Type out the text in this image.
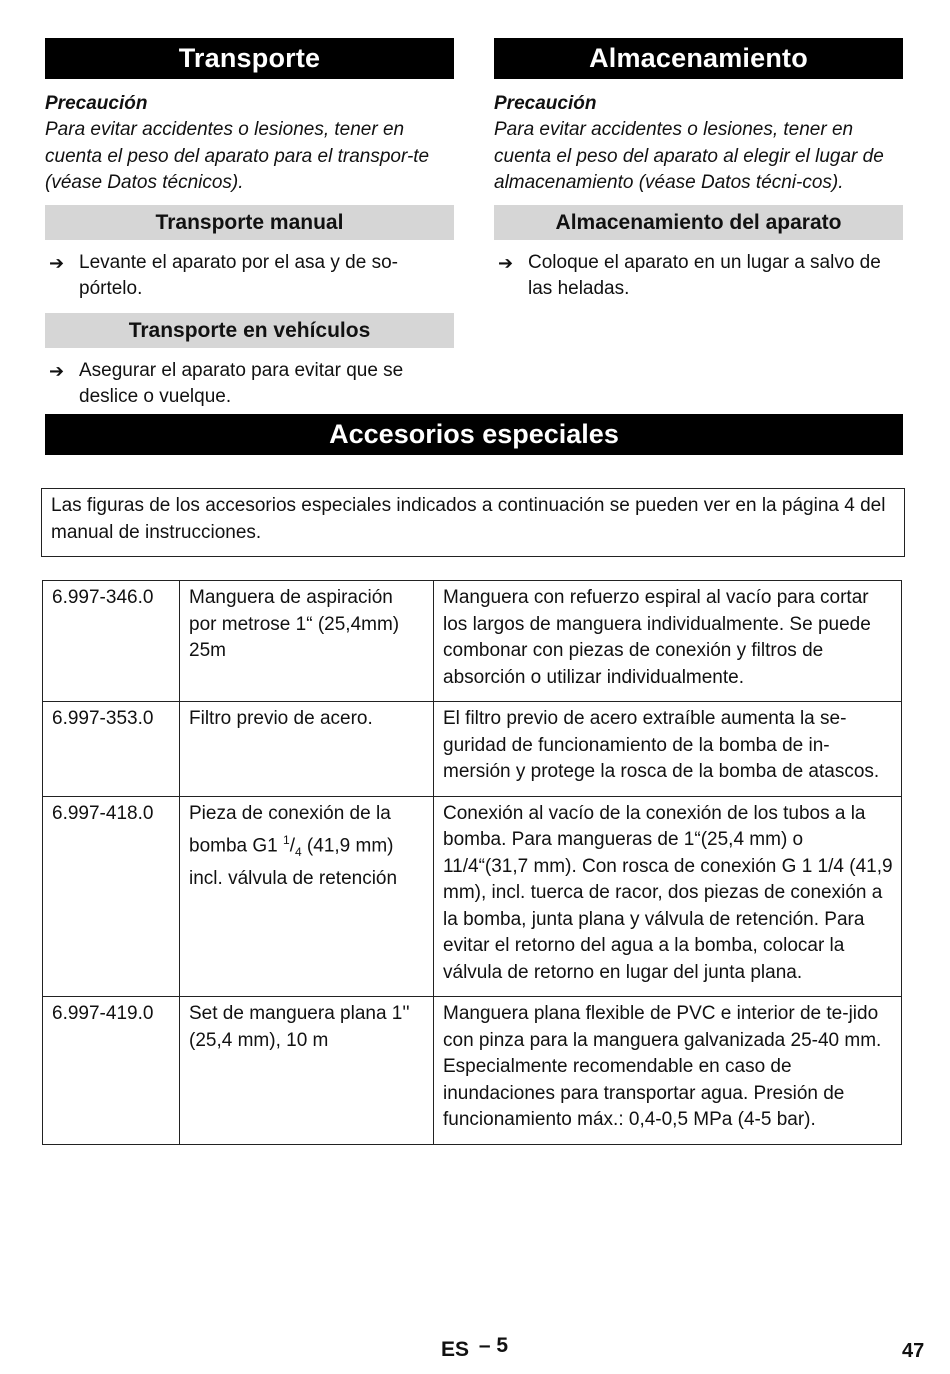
Transporte
Precaución
Para evitar accidentes o lesiones, tener en cuenta el peso del aparato para el transpor-te (véase Datos técnicos).
Transporte manual
➔ Levante el aparato por el asa y de so-pórtelo.
Transporte en vehículos
➔ Asegurar el aparato para evitar que se deslice o vuelque.
Almacenamiento
Precaución
Para evitar accidentes o lesiones, tener en cuenta el peso del aparato al elegir el lugar de almacenamiento (véase Datos técni-cos).
Almacenamiento del aparato
➔ Coloque el aparato en un lugar a salvo de las heladas.
Accesorios especiales
Las figuras de los accesorios especiales indicados a continuación se pueden ver en la página 4 del manual de instrucciones.
6.997-346.0	Manguera de aspiración por metrose 1“ (25,4mm) 25m	Manguera con refuerzo espiral al vacío para cortar los largos de manguera individualmente. Se puede combonar con piezas de conexión y filtros de absorción o utilizar individualmente.
6.997-353.0	Filtro previo de acero.	El filtro previo de acero extraíble aumenta la se-guridad de funcionamiento de la bomba de in-mersión y protege la rosca de la bomba de atascos.
6.997-418.0	Pieza de conexión de la bomba G1 $^1/_4$ (41,9 mm) incl. válvula de retención	Conexión al vacío de la conexión de los tubos a la bomba. Para mangueras de 1“(25,4 mm) o 11/4“(31,7 mm). Con rosca de conexión G 1 1/4 (41,9 mm), incl. tuerca de racor, dos piezas de conexión a la bomba, junta plana y válvula de retención. Para evitar el retorno del agua a la bomba, colocar la válvula de retorno en lugar del junta plana.
6.997-419.0	Set de manguera plana 1'' (25,4 mm), 10 m	Manguera plana flexible de PVC e interior de te-jido con pinza para la manguera galvanizada 25-40 mm. Especialmente recomendable en caso de inundaciones para transportar agua. Presión de funcionamiento máx.: 0,4-0,5 MPa (4-5 bar).
ES – 5	47
